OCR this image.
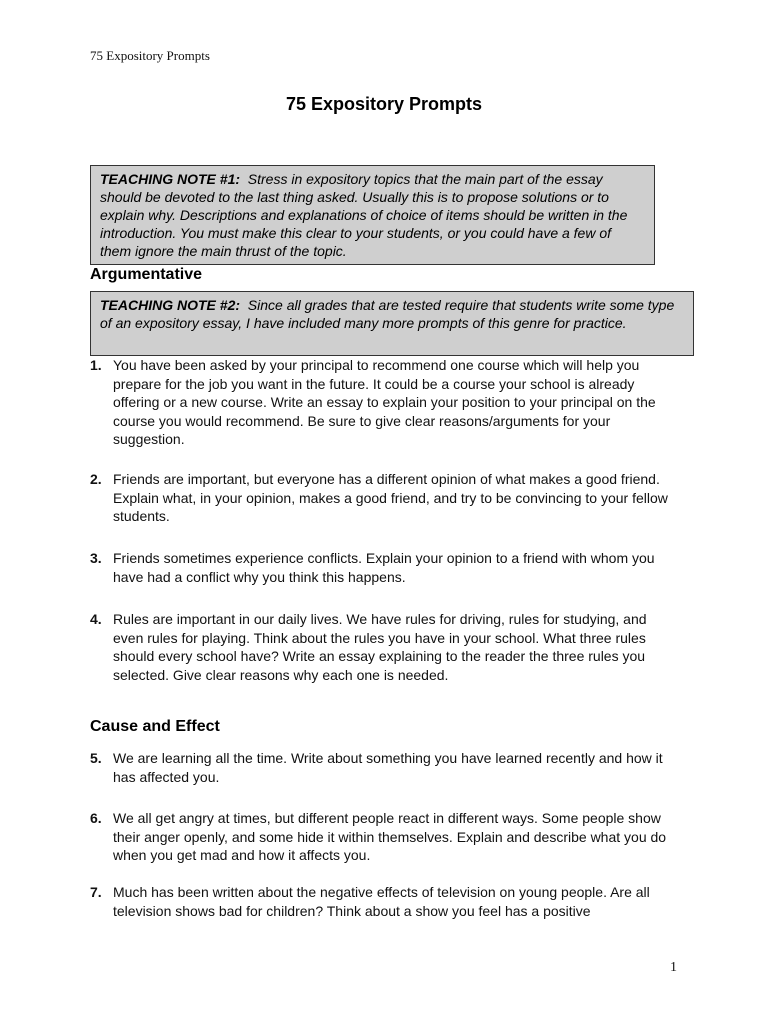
75 Expository Prompts
75 Expository Prompts
TEACHING NOTE #1: Stress in expository topics that the main part of the essay should be devoted to the last thing asked. Usually this is to propose solutions or to explain why. Descriptions and explanations of choice of items should be written in the introduction. You must make this clear to your students, or you could have a few of them ignore the main thrust of the topic.
Argumentative
TEACHING NOTE #2: Since all grades that are tested require that students write some type of an expository essay, I have included many more prompts of this genre for practice.
1. You have been asked by your principal to recommend one course which will help you prepare for the job you want in the future. It could be a course your school is already offering or a new course. Write an essay to explain your position to your principal on the course you would recommend. Be sure to give clear reasons/arguments for your suggestion.
2. Friends are important, but everyone has a different opinion of what makes a good friend. Explain what, in your opinion, makes a good friend, and try to be convincing to your fellow students.
3. Friends sometimes experience conflicts. Explain your opinion to a friend with whom you have had a conflict why you think this happens.
4. Rules are important in our daily lives. We have rules for driving, rules for studying, and even rules for playing. Think about the rules you have in your school. What three rules should every school have? Write an essay explaining to the reader the three rules you selected. Give clear reasons why each one is needed.
Cause and Effect
5. We are learning all the time. Write about something you have learned recently and how it has affected you.
6. We all get angry at times, but different people react in different ways. Some people show their anger openly, and some hide it within themselves. Explain and describe what you do when you get mad and how it affects you.
7. Much has been written about the negative effects of television on young people. Are all television shows bad for children? Think about a show you feel has a positive
1
